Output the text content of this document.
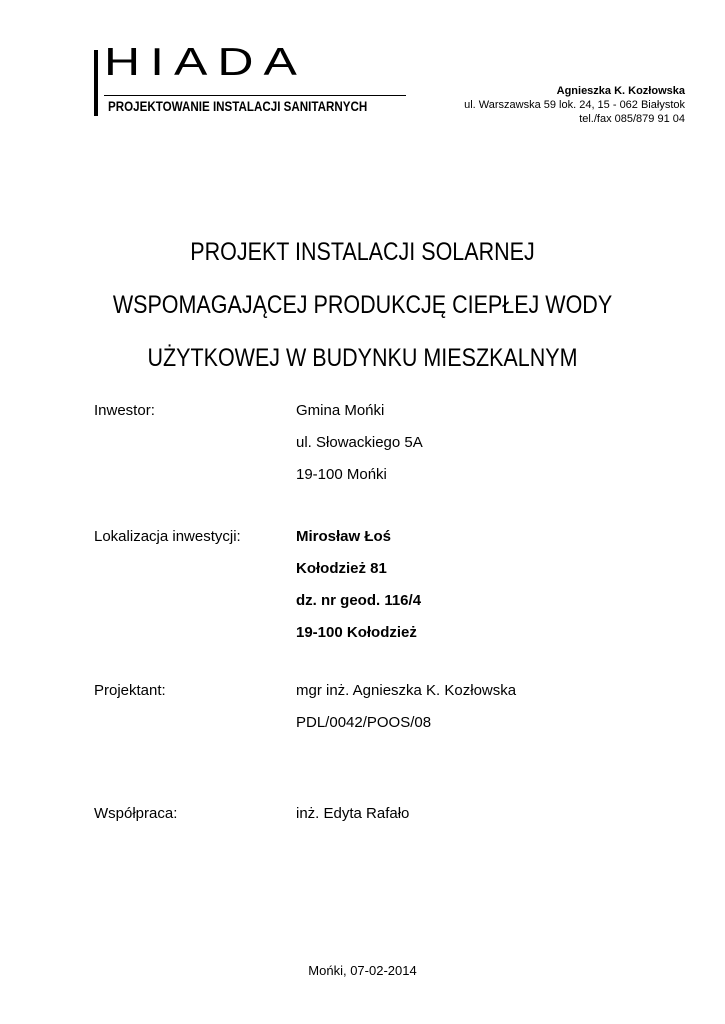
HIADA
PROJEKTOWANIE INSTALACJI SANITARNYCH
Agnieszka K. Kozłowska
ul. Warszawska 59 lok. 24, 15 - 062 Białystok
tel./fax 085/879 91 04
PROJEKT INSTALACJI SOLARNEJ
WSPOMAGAJĄCEJ PRODUKCJĘ CIEPŁEJ WODY
UŻYTKOWEJ W BUDYNKU MIESZKALNYM
Inwestor:	Gmina Mońki
ul. Słowackiego 5A
19-100 Mońki
Lokalizacja inwestycji:	Mirosław Łoś
Kołodzież 81
dz. nr geod. 116/4
19-100 Kołodzież
Projektant:	mgr inż. Agnieszka K. Kozłowska
PDL/0042/POOS/08
Współpraca:	inż. Edyta Rafało
Mońki, 07-02-2014
